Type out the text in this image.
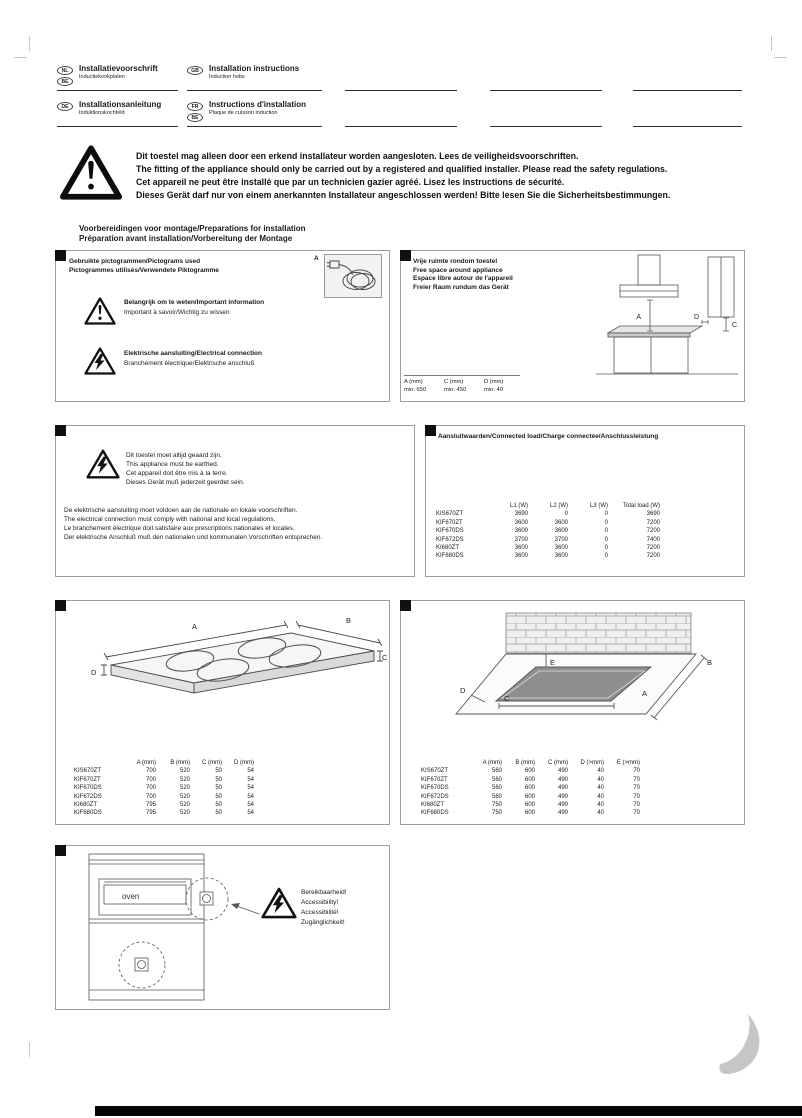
NL
BE
Installatievoorschrift
Inductiekookplaten
GB	Installation instructions
Induction hobs
DE	Installationsanleitung
Induktionskochfeld
FR
BE
Instructions d'installation
Plaque de cuisson induction
Dit toestel mag alleen door een erkend installateur worden aangesloten. Lees de veiligheidsvoorschriften.
The fitting of the appliance should only be carried out by a registered and qualified installer. Please read the safety regulations.
Cet appareil ne peut être installé que par un technicien gazier agréé. Lisez les instructions de sécurité.
Dieses Gerät darf nur von einem anerkannten Installateur angeschlossen werden! Bitte lesen Sie die Sicherheitsbestimmungen.
Voorbereidingen voor montage/Preparations for installation
Préparation avant installation/Vorbereitung der Montage
Gebruikte pictogrammen/Pictograms used
Pictogrammes utilisés/Verwendete Piktogramme
A
Belangrijk om te weten/Important information
Important à savoir/Wichtig zu wissen
Elektrische aansluiting/Electrical connection
Branchement électrique/Elektrische anschluß
Vrije ruimte rondom toestel
Free space around appliance
Espace libre autour de l'appareil
Freier Raum rundum das Gerät
A
C
D
A (mm)	C (mm)	D (mm)
min. 650	min. 450	min. 40
Dit toestel moet altijd geaard zijn.
This appliance must be earthed.
Cet appareil doit être mis à la terre.
Dieses Gerät muß jederzeit geerdet sein.
De elektrische aansluiting moet voldoen aan de nationale en lokale voorschriften.
The electrical connection must comply with national and local regulations.
Le branchement électrique doit satisfaire aux prescriptions nationales et locales.
Der elektrische Anschluß muß den nationalen und kommunalen Vorschriften entsprechen.
Aansluitwaarden/Connected load/Charge connectée/Anschlussleistung
L1 (W)	L2 (W)	L3 (W)	Total load (W)
KIS670ZT	3690	0	0	3690
KIF670ZT	3600	3600	0	7200
KIF670DS	3600	3600	0	7200
KIF672DS	3700	3700	0	7400
KI680ZT	3600	3600	0	7200
KIF680DS	3600	3600	0	7200
A
B
C
D
A (mm)	B (mm)	C (mm)	D (mm)
KIS670ZT	700	520	50	54
KIF670ZT	700	520	50	54
KIF670DS	700	520	50	54
KIF672DS	700	520	50	54
KI680ZT	795	520	50	54
KIF680DS	795	520	50	54
E	B
A
C
D
A (mm)	B (mm)	C (mm)	D (>mm)	E (>mm)
KIS670ZT	560	600	490	40	70
KIF670ZT	560	600	490	40	70
KIF670DS	560	600	490	40	70
KIF672DS	560	600	490	40	70
KI680ZT	750	600	490	40	70
KIF680DS	750	600	490	40	70
oven	Bereikbaarheid!
Accessibility!
Accessibilité!
Zugänglichkeit!
